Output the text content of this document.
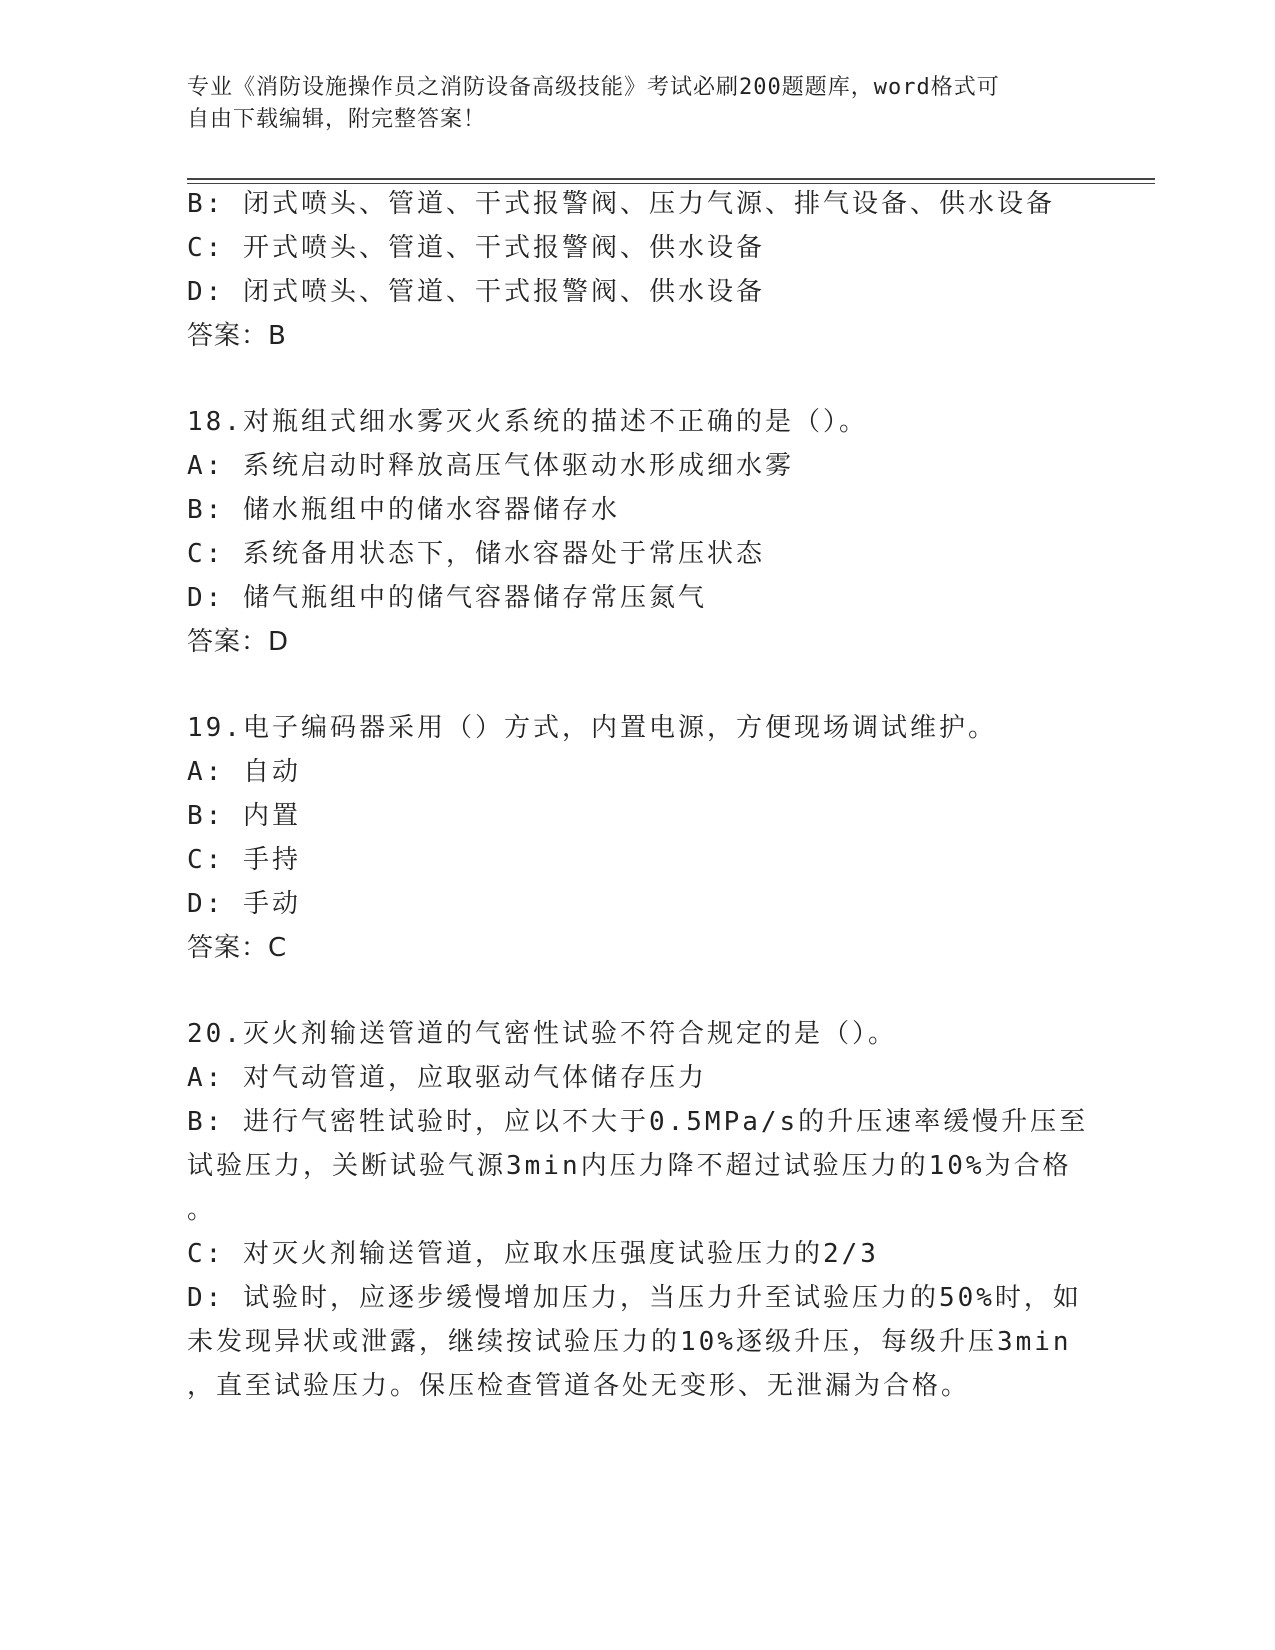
专业《消防设施操作员之消防设备高级技能》考试必刷200题题库，word格式可
自由下载编辑，附完整答案！
B: 闭式喷头、管道、干式报警阀、压力气源、排气设备、供水设备
C: 开式喷头、管道、干式报警阀、供水设备
D: 闭式喷头、管道、干式报警阀、供水设备
答案：B
18.对瓶组式细水雾灭火系统的描述不正确的是（）。
A: 系统启动时释放高压气体驱动水形成细水雾
B: 储水瓶组中的储水容器储存水
C: 系统备用状态下，储水容器处于常压状态
D: 储气瓶组中的储气容器储存常压氮气
答案：D
19.电子编码器采用（）方式，内置电源，方便现场调试维护。
A: 自动
B: 内置
C: 手持
D: 手动
答案：C
20.灭火剂输送管道的气密性试验不符合规定的是（）。
A: 对气动管道，应取驱动气体储存压力
B: 进行气密牲试验时，应以不大于0.5MPa/s的升压速率缓慢升压至
试验压力，关断试验气源3min内压力降不超过试验压力的10%为合格
。
C: 对灭火剂输送管道，应取水压强度试验压力的2/3
D: 试验时，应逐步缓慢增加压力，当压力升至试验压力的50%时，如
未发现异状或泄露，继续按试验压力的10%逐级升压，每级升压3min
，直至试验压力。保压检查管道各处无变形、无泄漏为合格。
